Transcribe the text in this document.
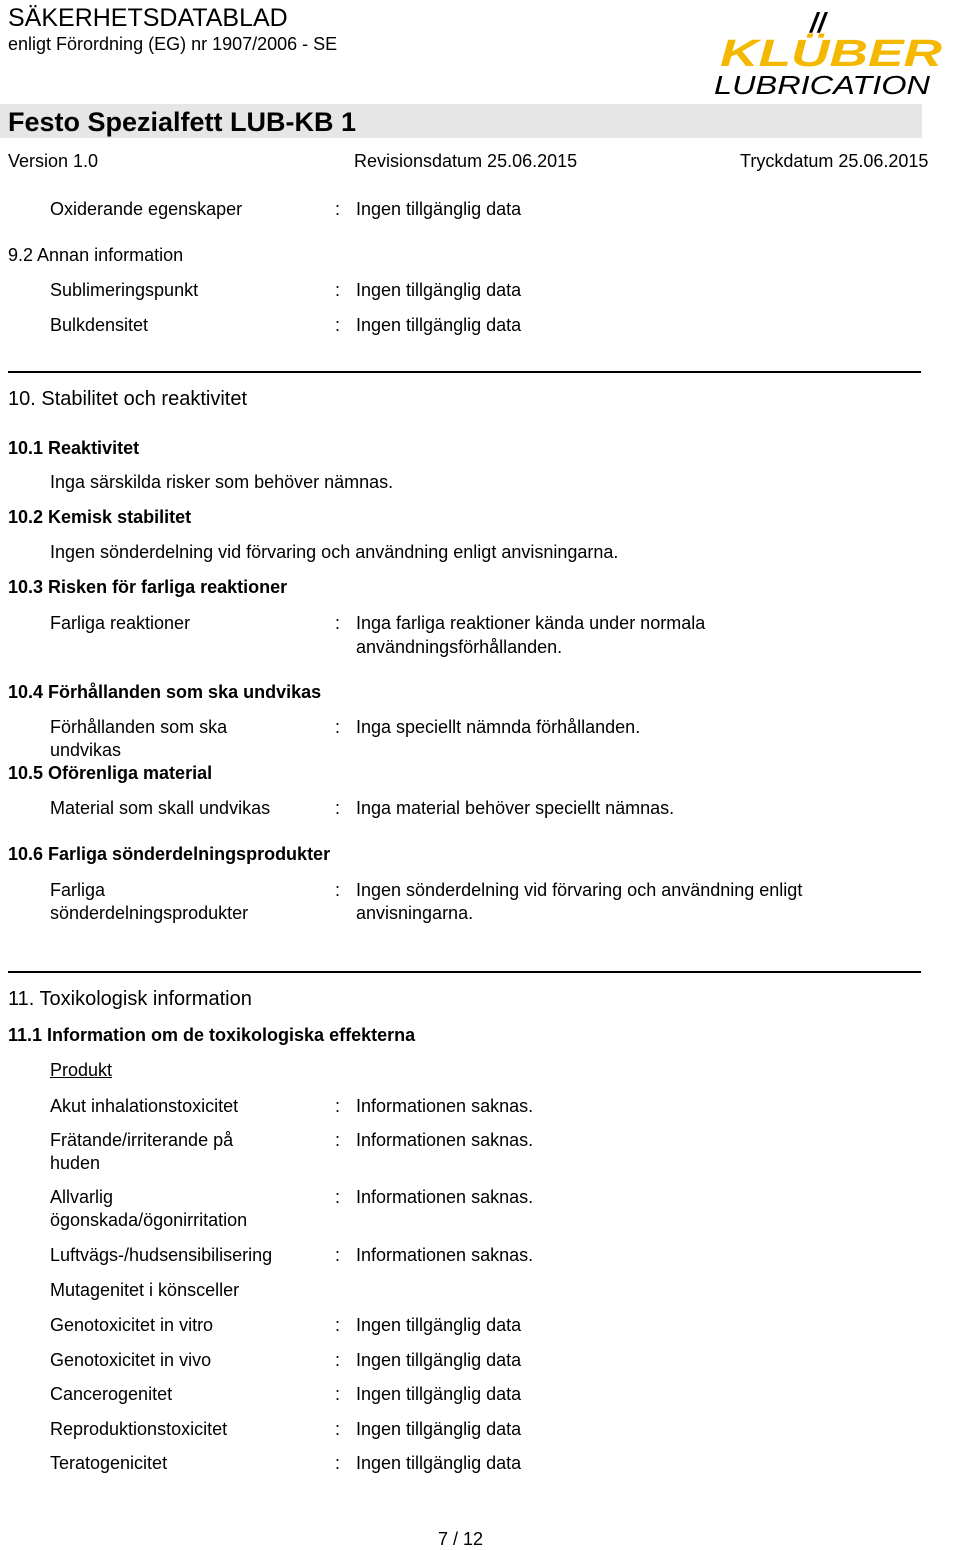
SÄKERHETSDATABLAD
enligt Förordning (EG) nr 1907/2006 - SE
//
KLÜBER
LUBRICATION
Festo Spezialfett LUB-KB 1
Version 1.0	Revisionsdatum 25.06.2015	Tryckdatum 25.06.2015
Oxiderande egenskaper	: Ingen tillgänglig data
9.2 Annan information
Sublimeringspunkt	: Ingen tillgänglig data
Bulkdensitet	: Ingen tillgänglig data
10. Stabilitet och reaktivitet
10.1 Reaktivitet
Inga särskilda risker som behöver nämnas.
10.2 Kemisk stabilitet
Ingen sönderdelning vid förvaring och användning enligt anvisningarna.
10.3 Risken för farliga reaktioner
Farliga reaktioner	: Inga farliga reaktioner kända under normala
användningsförhållanden.
10.4 Förhållanden som ska undvikas
Förhållanden som ska
undvikas
: Inga speciellt nämnda förhållanden.
10.5 Oförenliga material
Material som skall undvikas	: Inga material behöver speciellt nämnas.
10.6 Farliga sönderdelningsprodukter
Farliga
sönderdelningsprodukter
: Ingen sönderdelning vid förvaring och användning enligt
anvisningarna.
11. Toxikologisk information
11.1 Information om de toxikologiska effekterna
Produkt
Akut inhalationstoxicitet	: Informationen saknas.
Frätande/irriterande på
huden
: Informationen saknas.
Allvarlig
ögonskada/ögonirritation
: Informationen saknas.
Luftvägs-/hudsensibilisering	: Informationen saknas.
Mutagenitet i könsceller
Genotoxicitet in vitro	: Ingen tillgänglig data
Genotoxicitet in vivo	: Ingen tillgänglig data
Cancerogenitet	: Ingen tillgänglig data
Reproduktionstoxicitet	: Ingen tillgänglig data
Teratogenicitet	: Ingen tillgänglig data
7 / 12
